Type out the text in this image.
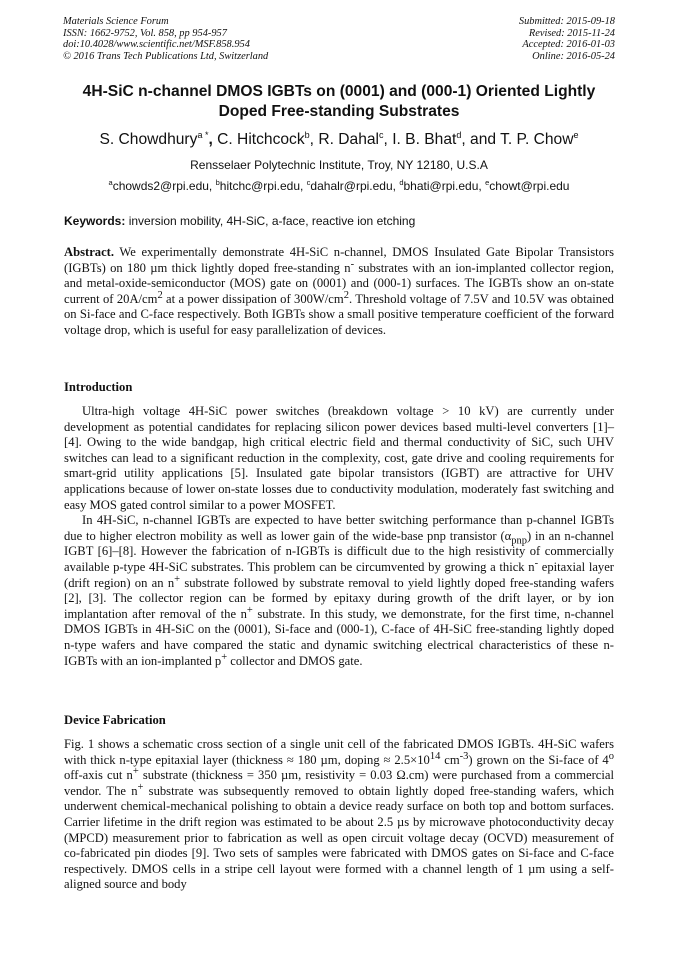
Materials Science Forum
ISSN: 1662-9752, Vol. 858, pp 954-957
doi:10.4028/www.scientific.net/MSF.858.954
© 2016 Trans Tech Publications Ltd, Switzerland
Submitted: 2015-09-18
Revised: 2015-11-24
Accepted: 2016-01-03
Online: 2016-05-24
4H-SiC n-channel DMOS IGBTs on (0001) and (000-1) Oriented Lightly
Doped Free-standing Substrates
S. Chowdhury$^{a *}$, C. Hitchcock$^b$, R. Dahal$^c$, I. B. Bhat$^d$, and T. P. Chow$^e$
Rensselaer Polytechnic Institute, Troy, NY 12180, U.S.A
$^a$chowds2@rpi.edu, $^b$hitchc@rpi.edu, $^c$dahalr@rpi.edu, $^d$bhati@rpi.edu, $^e$chowt@rpi.edu
Keywords: inversion mobility, 4H-SiC, a-face, reactive ion etching

Abstract. We experimentally demonstrate 4H-SiC n-channel, DMOS Insulated Gate Bipolar Transistors (IGBTs) on 180 µm thick lightly doped free-standing n- substrates with an ion-implanted collector region, and metal-oxide-semiconductor (MOS) gate on (0001) and (000-1) surfaces. The IGBTs show an on-state current of $20A/cm^2$ at a power dissipation of $300W/cm^2$. Threshold voltage of 7.5V and 10.5V was obtained on Si-face and C-face respectively. Both IGBTs show a small positive temperature coefficient of the forward voltage drop, which is useful for easy parallelization of devices.

Introduction

Ultra-high voltage 4H-SiC power switches (breakdown voltage > 10 kV) are currently under development as potential candidates for replacing silicon power devices based multi-level converters [1]–[4]. Owing to the wide bandgap, high critical electric field and thermal conductivity of SiC, such UHV switches can lead to a significant reduction in the complexity, cost, gate drive and cooling requirements for smart-grid utility applications [5]. Insulated gate bipolar transistors (IGBT) are attractive for UHV applications because of lower on-state losses due to conductivity modulation, moderately fast switching and easy MOS gated control similar to a power MOSFET.

In 4H-SiC, n-channel IGBTs are expected to have better switching performance than p-channel IGBTs due to higher electron mobility as well as lower gain of the wide-base pnp transistor $(\alpha_{pnp})$ in an n-channel IGBT [6]–[8]. However the fabrication of n-IGBTs is difficult due to the high resistivity of commercially available p-type 4H-SiC substrates. This problem can be circumvented by growing a thick n- epitaxial layer (drift region) on an n+ substrate followed by substrate removal to yield lightly doped free-standing wafers [2], [3]. The collector region can be formed by epitaxy during growth of the drift layer, or by ion implantation after removal of the n+ substrate. In this study, we demonstrate, for the first time, n-channel DMOS IGBTs in 4H-SiC on the (0001), Si-face and (000-1), C-face of 4H-SiC free-standing lightly doped n-type wafers and have compared the static and dynamic switching electrical characteristics of these n-IGBTs with an ion-implanted p+ collector and DMOS gate.

Device Fabrication

Fig. 1 shows a schematic cross section of a single unit cell of the fabricated DMOS IGBTs. 4H-SiC wafers with thick n-type epitaxial layer (thickness ≈ 180 µm, doping ≈ $2.5\times 10^{14}$ $cm^{-3}$) grown on the Si-face of 4$^o$ off-axis cut n+ substrate (thickness = 350 µm, resistivity = 0.03 Ω.cm) were purchased from a commercial vendor. The n+ substrate was subsequently removed to obtain lightly doped free-standing wafers, which underwent chemical-mechanical polishing to obtain a device ready surface on both top and bottom surfaces. Carrier lifetime in the drift region was estimated to be about 2.5 µs by microwave photoconductivity decay (MPCD) measurement prior to fabrication as well as open circuit voltage decay (OCVD) measurement of co-fabricated pin diodes [9]. Two sets of samples were fabricated with DMOS gates on Si-face and C-face respectively. DMOS cells in a stripe cell layout were formed with a channel length of 1 µm using a self-aligned source and body
